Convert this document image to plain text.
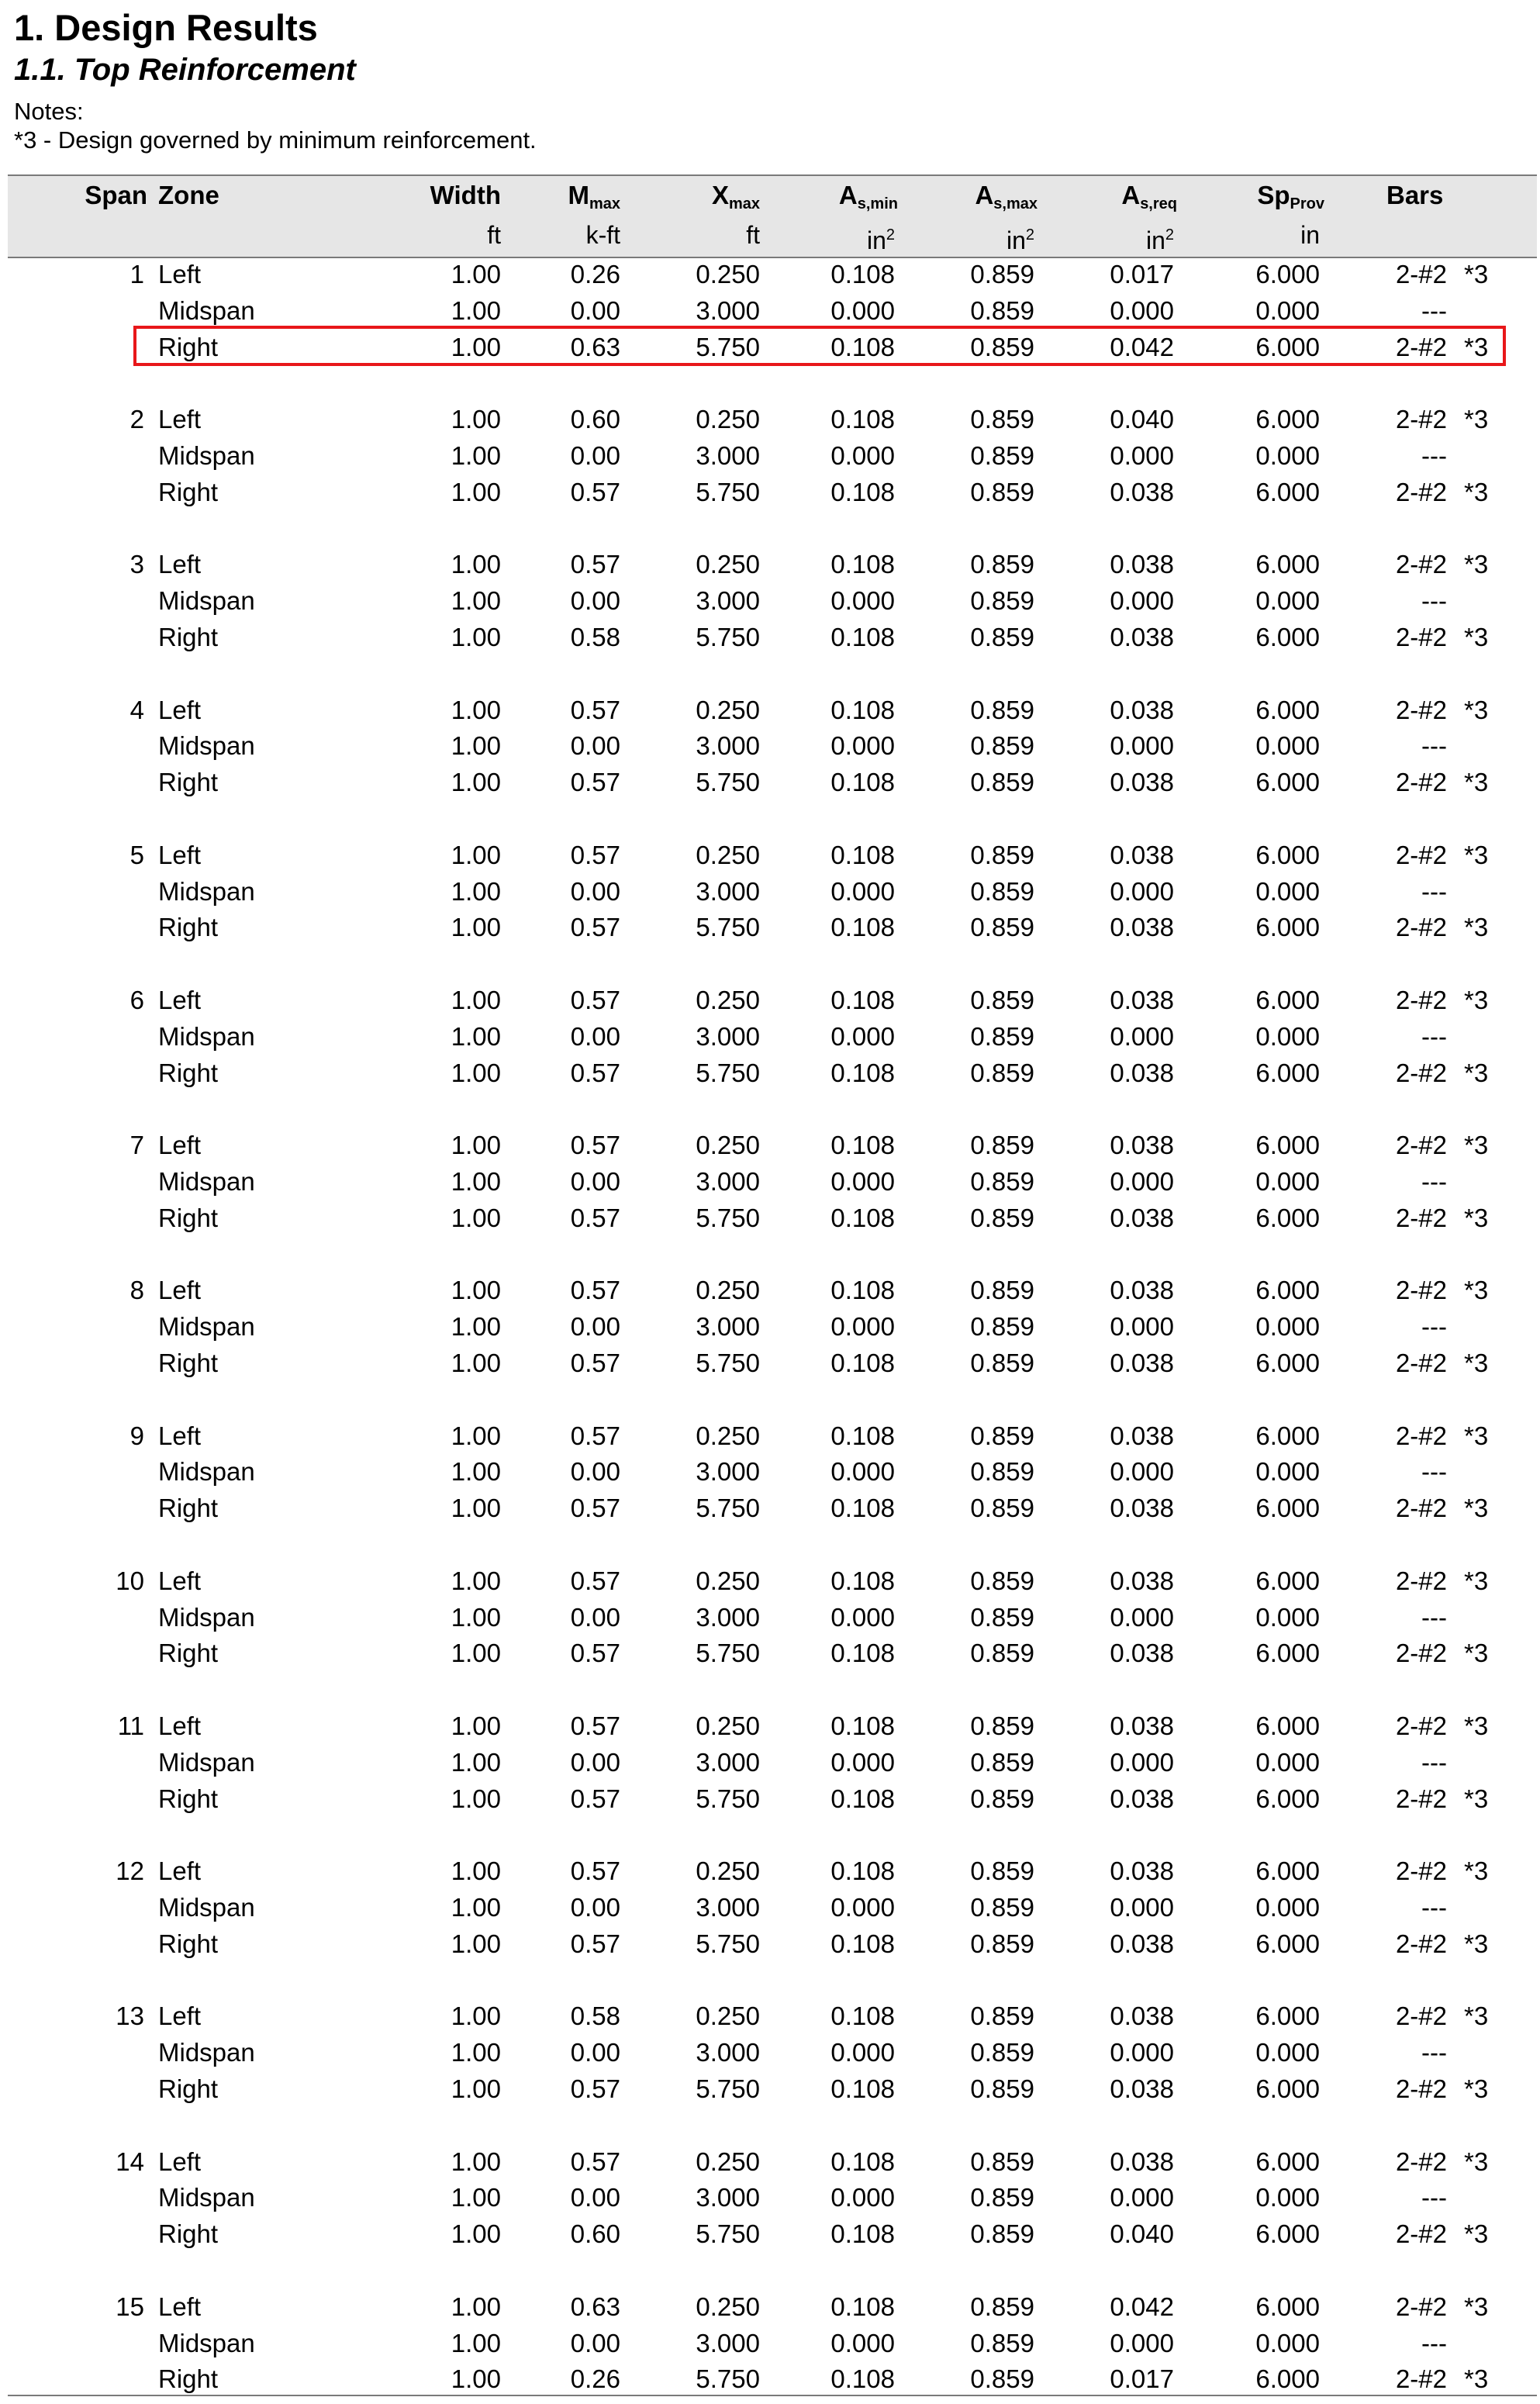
1. Design Results
1.1. Top Reinforcement
Notes:
*3 - Design governed by minimum reinforcement.
Span Zone	Width	$M_{max}$	$X_{max}$	$A_{s,min}$	$A_{s,max}$	$A_{s,req}$	$Sp_{Prov}$ Bars
ft	k-ft	ft	$in^2$	$in^2$	$in^2$	in
1 Left	1.00	0.26	0.250	0.108	0.859	0.017	6.000	2-#2 *3
Midspan	1.00	0.00	3.000	0.000	0.859	0.000	0.000	---
Right	1.00	0.63	5.750	0.108	0.859	0.042	6.000	2-#2 *3
2 Left	1.00	0.60	0.250	0.108	0.859	0.040	6.000	2-#2 *3
Midspan	1.00	0.00	3.000	0.000	0.859	0.000	0.000	---
Right	1.00	0.57	5.750	0.108	0.859	0.038	6.000	2-#2 *3
3 Left	1.00	0.57	0.250	0.108	0.859	0.038	6.000	2-#2 *3
Midspan	1.00	0.00	3.000	0.000	0.859	0.000	0.000	---
Right	1.00	0.58	5.750	0.108	0.859	0.038	6.000	2-#2 *3
4 Left	1.00	0.57	0.250	0.108	0.859	0.038	6.000	2-#2 *3
Midspan	1.00	0.00	3.000	0.000	0.859	0.000	0.000	---
Right	1.00	0.57	5.750	0.108	0.859	0.038	6.000	2-#2 *3
5 Left	1.00	0.57	0.250	0.108	0.859	0.038	6.000	2-#2 *3
Midspan	1.00	0.00	3.000	0.000	0.859	0.000	0.000	---
Right	1.00	0.57	5.750	0.108	0.859	0.038	6.000	2-#2 *3
6 Left	1.00	0.57	0.250	0.108	0.859	0.038	6.000	2-#2 *3
Midspan	1.00	0.00	3.000	0.000	0.859	0.000	0.000	---
Right	1.00	0.57	5.750	0.108	0.859	0.038	6.000	2-#2 *3
7 Left	1.00	0.57	0.250	0.108	0.859	0.038	6.000	2-#2 *3
Midspan	1.00	0.00	3.000	0.000	0.859	0.000	0.000	---
Right	1.00	0.57	5.750	0.108	0.859	0.038	6.000	2-#2 *3
8 Left	1.00	0.57	0.250	0.108	0.859	0.038	6.000	2-#2 *3
Midspan	1.00	0.00	3.000	0.000	0.859	0.000	0.000	---
Right	1.00	0.57	5.750	0.108	0.859	0.038	6.000	2-#2 *3
9 Left	1.00	0.57	0.250	0.108	0.859	0.038	6.000	2-#2 *3
Midspan	1.00	0.00	3.000	0.000	0.859	0.000	0.000	---
Right	1.00	0.57	5.750	0.108	0.859	0.038	6.000	2-#2 *3
10 Left	1.00	0.57	0.250	0.108	0.859	0.038	6.000	2-#2 *3
Midspan	1.00	0.00	3.000	0.000	0.859	0.000	0.000	---
Right	1.00	0.57	5.750	0.108	0.859	0.038	6.000	2-#2 *3
11 Left	1.00	0.57	0.250	0.108	0.859	0.038	6.000	2-#2 *3
Midspan	1.00	0.00	3.000	0.000	0.859	0.000	0.000	---
Right	1.00	0.57	5.750	0.108	0.859	0.038	6.000	2-#2 *3
12 Left	1.00	0.57	0.250	0.108	0.859	0.038	6.000	2-#2 *3
Midspan	1.00	0.00	3.000	0.000	0.859	0.000	0.000	---
Right	1.00	0.57	5.750	0.108	0.859	0.038	6.000	2-#2 *3
13 Left	1.00	0.58	0.250	0.108	0.859	0.038	6.000	2-#2 *3
Midspan	1.00	0.00	3.000	0.000	0.859	0.000	0.000	---
Right	1.00	0.57	5.750	0.108	0.859	0.038	6.000	2-#2 *3
14 Left	1.00	0.57	0.250	0.108	0.859	0.038	6.000	2-#2 *3
Midspan	1.00	0.00	3.000	0.000	0.859	0.000	0.000	---
Right	1.00	0.60	5.750	0.108	0.859	0.040	6.000	2-#2 *3
15 Left	1.00	0.63	0.250	0.108	0.859	0.042	6.000	2-#2 *3
Midspan	1.00	0.00	3.000	0.000	0.859	0.000	0.000	---
Right	1.00	0.26	5.750	0.108	0.859	0.017	6.000	2-#2 *3
